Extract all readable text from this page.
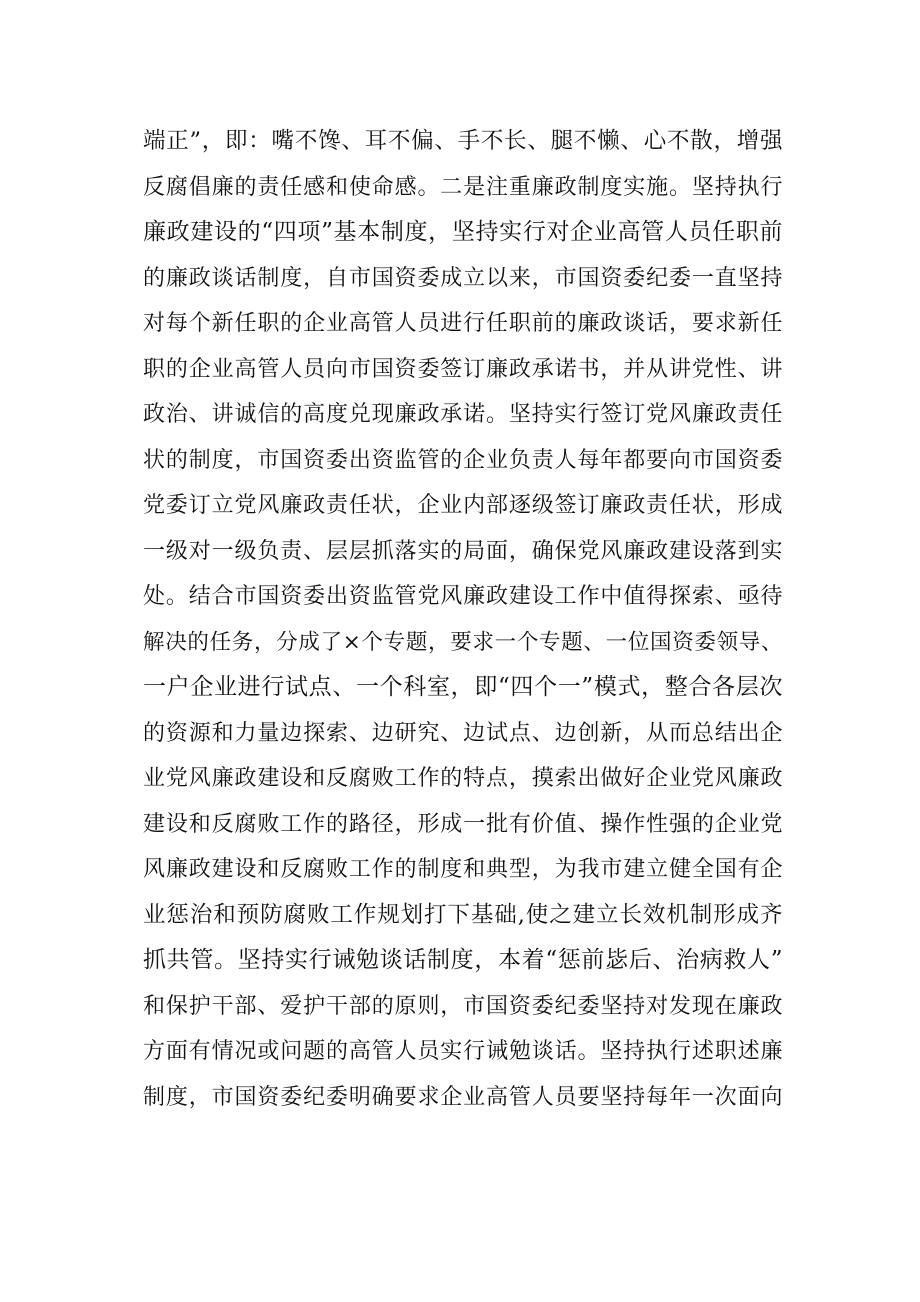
端正”，即：嘴不馋、耳不偏、手不长、腿不懒、心不散，增强
反腐倡廉的责任感和使命感。二是注重廉政制度实施。坚持执行
廉政建设的“四项”基本制度，坚持实行对企业高管人员任职前
的廉政谈话制度，自市国资委成立以来，市国资委纪委一直坚持
对每个新任职的企业高管人员进行任职前的廉政谈话，要求新任
职的企业高管人员向市国资委签订廉政承诺书，并从讲党性、讲
政治、讲诚信的高度兑现廉政承诺。坚持实行签订党风廉政责任
状的制度，市国资委出资监管的企业负责人每年都要向市国资委
党委订立党风廉政责任状，企业内部逐级签订廉政责任状，形成
一级对一级负责、层层抓落实的局面，确保党风廉政建设落到实
处。结合市国资委出资监管党风廉政建设工作中值得探索、亟待
解决的任务，分成了×个专题，要求一个专题、一位国资委领导、
一户企业进行试点、一个科室，即“四个一”模式，整合各层次
的资源和力量边探索、边研究、边试点、边创新，从而总结出企
业党风廉政建设和反腐败工作的特点，摸索出做好企业党风廉政
建设和反腐败工作的路径，形成一批有价值、操作性强的企业党
风廉政建设和反腐败工作的制度和典型，为我市建立健全国有企
业惩治和预防腐败工作规划打下基础,使之建立长效机制形成齐
抓共管。坚持实行诫勉谈话制度，本着“惩前毖后、治病救人”
和保护干部、爱护干部的原则，市国资委纪委坚持对发现在廉政
方面有情况或问题的高管人员实行诫勉谈话。坚持执行述职述廉
制度，市国资委纪委明确要求企业高管人员要坚持每年一次面向
